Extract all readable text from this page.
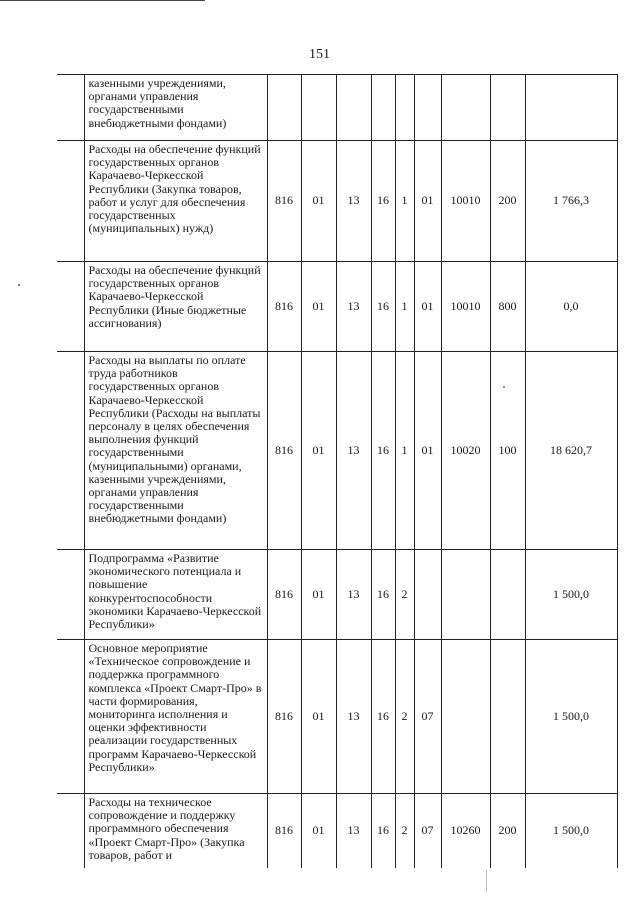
151
	казенными учреждениями, органами управления государственными внебюджетными фондами)									
	Расходы на обеспечение функций государственных органов Карачаево-Черкесской Республики (Закупка товаров, работ и услуг для обеспечения государственных (муниципальных) нужд)	816	01	13	16	1	01	10010	200	1 766,3
	Расходы на обеспечение функций государственных органов Карачаево-Черкесской Республики (Иные бюджетные ассигнования)	816	01	13	16	1	01	10010	800	0,0
	Расходы на выплаты по оплате труда работников государственных органов Карачаево-Черкесской Республики (Расходы на выплаты персоналу в целях обеспечения выполнения функций государственными (муниципальными) органами, казенными учреждениями, органами управления государственными внебюджетными фондами)	816	01	13	16	1	01	10020	100	18 620,7
	Подпрограмма «Развитие экономического потенциала и повышение конкурентоспособности экономики Карачаево-Черкесской Республики»	816	01	13	16	2				1 500,0
	Основное мероприятие «Техническое сопровождение и поддержка программного комплекса «Проект Смарт-Про» в части формирования, мониторинга исполнения и оценки эффективности реализации государственных программ Карачаево-Черкесской Республики»	816	01	13	16	2	07			1 500,0
	Расходы на техническое сопровождение и поддержку программного обеспечения «Проект Смарт-Про» (Закупка товаров, работ и	816	01	13	16	2	07	10260	200	1 500,0
